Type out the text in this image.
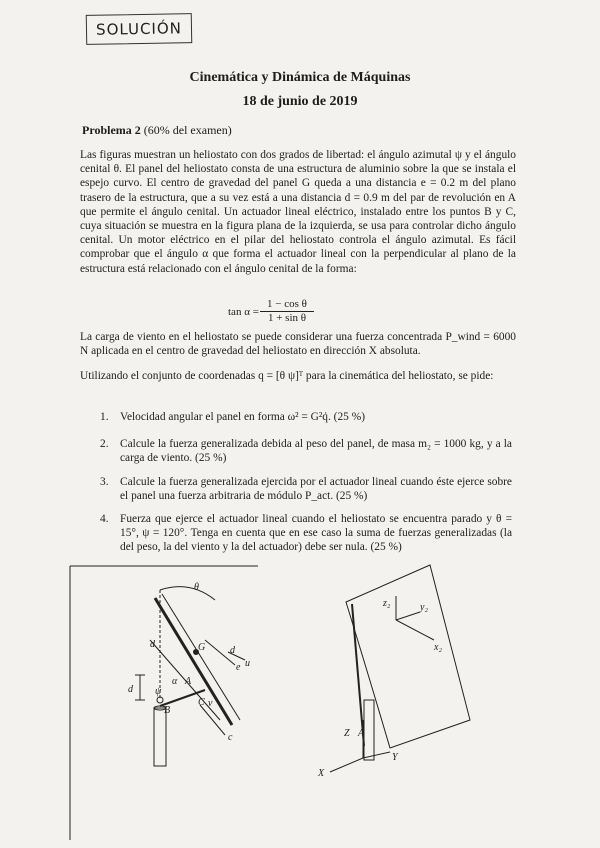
SOLUCIÓN
Cinemática y Dinámica de Máquinas
18 de junio de 2019
Problema 2 (60% del examen)
Las figuras muestran un heliostato con dos grados de libertad: el ángulo azimutal ψ y el ángulo cenital θ. El panel del heliostato consta de una estructura de aluminio sobre la que se instala el espejo curvo. El centro de gravedad del panel G queda a una distancia e = 0.2 m del plano trasero de la estructura, que a su vez está a una distancia d = 0.9 m del par de revolución en A que permite el ángulo cenital. Un actuador lineal eléctrico, instalado entre los puntos B y C, cuya situación se muestra en la figura plana de la izquierda, se usa para controlar dicho ángulo cenital. Un motor eléctrico en el pilar del heliostato controla el ángulo azimutal. Es fácil comprobar que el ángulo α que forma el actuador lineal con la perpendicular al plano de la estructura está relacionado con el ángulo cenital de la forma:
$\tan \alpha = \frac{\text{1 − cos θ}}{\text{1 + sin θ}}$
La carga de viento en el heliostato se puede considerar una fuerza concentrada P_wind = 6000 N aplicada en el centro de gravedad del heliostato en dirección X absoluta.
Utilizando el conjunto de coordenadas q = [θ ψ]ᵀ para la cinemática del heliostato, se pide:
1. Velocidad angular el panel en forma ω² = G²q̇. (25 %)
2. Calcule la fuerza generalizada debida al peso del panel, de masa m₂ = 1000 kg, y a la carga de viento. (25 %)
3. Calcule la fuerza generalizada ejercida por el actuador lineal cuando éste ejerce sobre el panel una fuerza arbitraria de módulo P_act. (25 %)
4. Fuerza que ejerce el actuador lineal cuando el heliostato se encuentra parado y θ = 15°, ψ = 120°. Tenga en cuenta que en ese caso la suma de fuerzas generalizadas (la del peso, la del viento y la del actuador) debe ser nula. (25 %)
θ
d	G d
e u
d
α A
ψ
B
C v
c
z₂	y₂
x₂
Z A
Y
X
